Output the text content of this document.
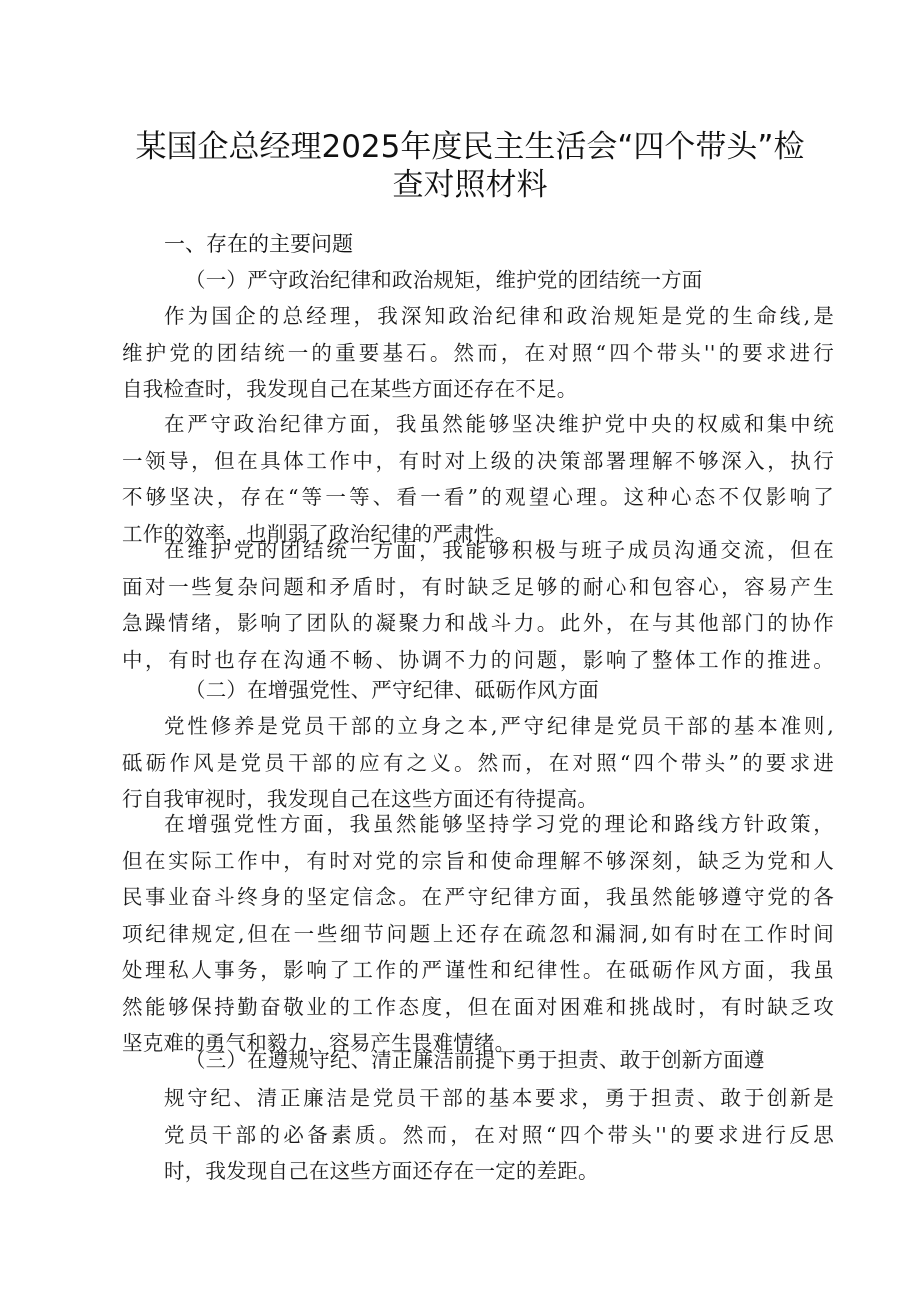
某国企总经理2025年度民主生活会“四个带头”检
查对照材料
一、存在的主要问题
（一）严守政治纪律和政治规矩，维护党的团结统一方面
作为国企的总经理，我深知政治纪律和政治规矩是党的生命线,是
维护党的团结统一的重要基石。然而，在对照“四个带头''的要求进行
自我检查时，我发现自己在某些方面还存在不足。
在严守政治纪律方面，我虽然能够坚决维护党中央的权威和集中统
一领导，但在具体工作中，有时对上级的决策部署理解不够深入，执行
不够坚决，存在“等一等、看一看”的观望心理。这种心态不仅影响了
工作的效率，也削弱了政治纪律的严肃性。
在维护党的团结统一方面，我能够积极与班子成员沟通交流，但在
面对一些复杂问题和矛盾时，有时缺乏足够的耐心和包容心，容易产生
急躁情绪，影响了团队的凝聚力和战斗力。此外，在与其他部门的协作
中，有时也存在沟通不畅、协调不力的问题，影响了整体工作的推进。
（二）在增强党性、严守纪律、砥砺作风方面
党性修养是党员干部的立身之本,严守纪律是党员干部的基本准则,
砥砺作风是党员干部的应有之义。然而，在对照“四个带头”的要求进
行自我审视时，我发现自己在这些方面还有待提高。
在增强党性方面，我虽然能够坚持学习党的理论和路线方针政策，
但在实际工作中，有时对党的宗旨和使命理解不够深刻，缺乏为党和人
民事业奋斗终身的坚定信念。在严守纪律方面，我虽然能够遵守党的各
项纪律规定,但在一些细节问题上还存在疏忽和漏洞,如有时在工作时间
处理私人事务，影响了工作的严谨性和纪律性。在砥砺作风方面，我虽
然能够保持勤奋敬业的工作态度，但在面对困难和挑战时，有时缺乏攻
坚克难的勇气和毅力，容易产生畏难情绪。
（三）在遵规守纪、清正廉洁前提下勇于担责、敢于创新方面遵
规守纪、清正廉洁是党员干部的基本要求，勇于担责、敢于创新是
党员干部的必备素质。然而，在对照“四个带头''的要求进行反思
时，我发现自己在这些方面还存在一定的差距。
